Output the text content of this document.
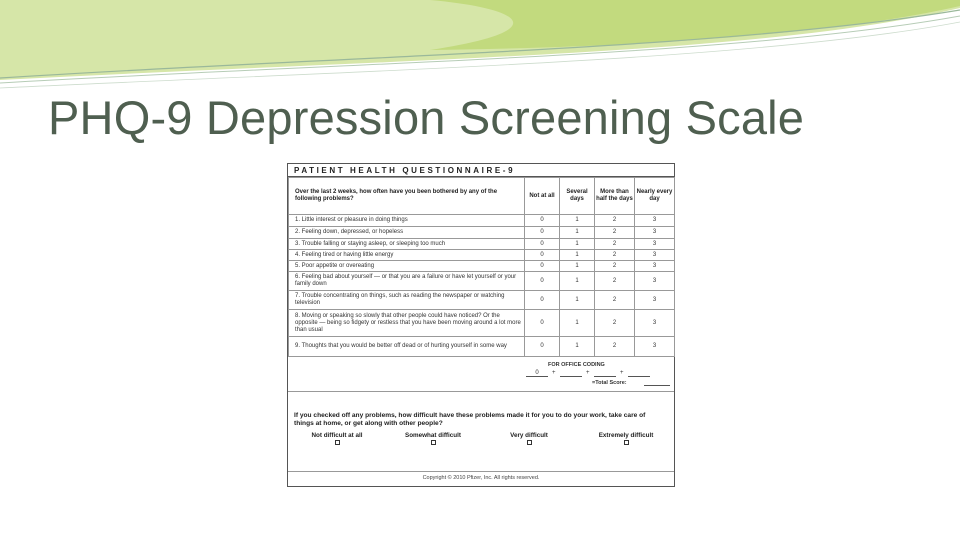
PHQ-9 Depression Screening Scale
PATIENT HEALTH QUESTIONNAIRE-9
Over the last 2 weeks, how often have you been bothered by any of the following problems?	Not at all	Several days	More than half the days	Nearly every day
1. Little interest or pleasure in doing things	0	1	2	3
2. Feeling down, depressed, or hopeless	0	1	2	3
3. Trouble falling or staying asleep, or sleeping too much	0	1	2	3
4. Feeling tired or having little energy	0	1	2	3
5. Poor appetite or overeating	0	1	2	3
6. Feeling bad about yourself — or that you are a failure or have let yourself or your family down	0	1	2	3
7. Trouble concentrating on things, such as reading the newspaper or watching television	0	1	2	3
8. Moving or speaking so slowly that other people could have noticed? Or the opposite — being so fidgety or restless that you have been moving around a lot more than usual	0	1	2	3
9. Thoughts that you would be better off dead or of hurting yourself in some way	0	1	2	3
FOR OFFICE CODING
0	+	+	+
=Total Score:
If you checked off any problems, how difficult have these problems made it for you to do your work, take care of things at home, or get along with other people?
Not difficult at all	Somewhat difficult	Very difficult	Extremely difficult
Copyright © 2010 Pfizer, Inc. All rights reserved.
